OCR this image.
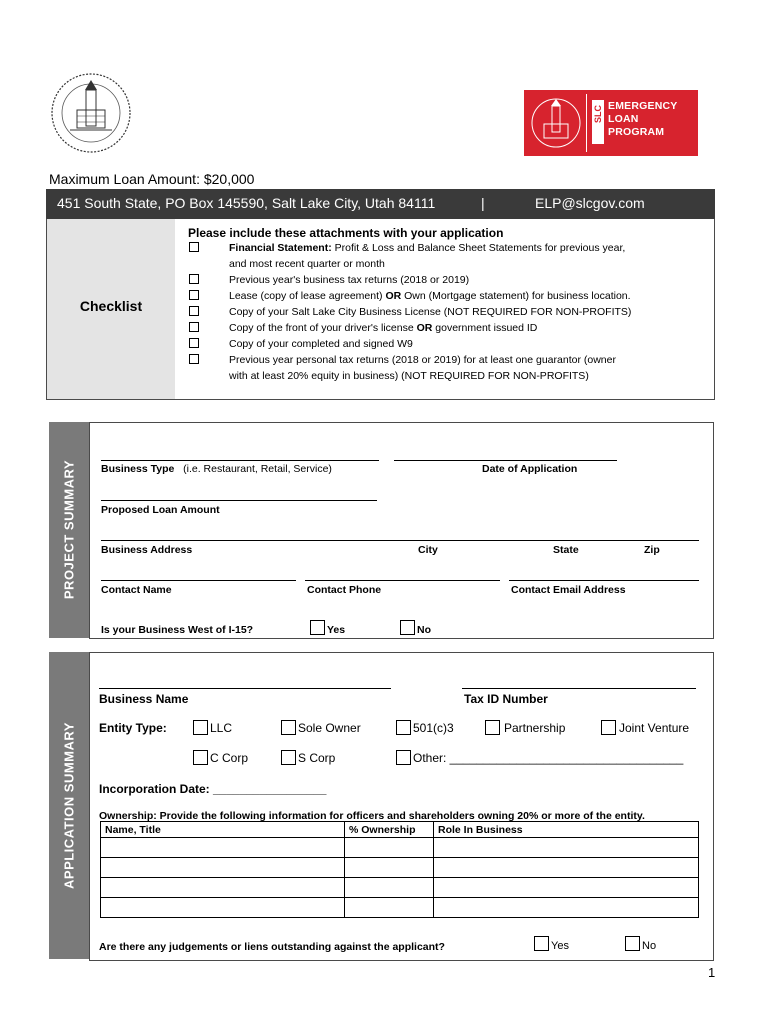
SLC EMERGENCY
LOAN
PROGRAM
Maximum Loan Amount: $20,000
451 South State, PO Box 145590, Salt Lake City, Utah 84111	|	ELP@slcgov.com
Checklist
Please include these attachments with your application
Financial Statement: Profit & Loss and Balance Sheet Statements for previous year,
and most recent quarter or month
Previous year's business tax returns (2018 or 2019)
Lease (copy of lease agreement) OR Own (Mortgage statement) for business location.
Copy of your Salt Lake City Business License (NOT REQUIRED FOR NON-PROFITS)
Copy of the front of your driver's license OR government issued ID
Copy of your completed and signed W9
Previous year personal tax returns (2018 or 2019) for at least one guarantor (owner
with at least 20% equity in business) (NOT REQUIRED FOR NON-PROFITS)
PROJECT SUMMARY Business Type (i.e. Restaurant, Retail, Service)	Date of Application
Proposed Loan Amount
Business Address	City	State	Zip
Contact Name	Contact Phone	Contact Email Address
Is your Business West of I-15?	Yes	No
APPLICATION SUMMARY
Business Name	Tax ID Number
Entity Type:	LLC	Sole Owner	501(c)3	Partnership	Joint Venture
C Corp	S Corp	Other: ___________________________________
Incorporation Date: _________________
Ownership: Provide the following information for officers and shareholders owning 20% or more of the entity.
Name, Title	% Ownership	Role In Business

Are there any judgements or liens outstanding against the applicant?	Yes	No
1
